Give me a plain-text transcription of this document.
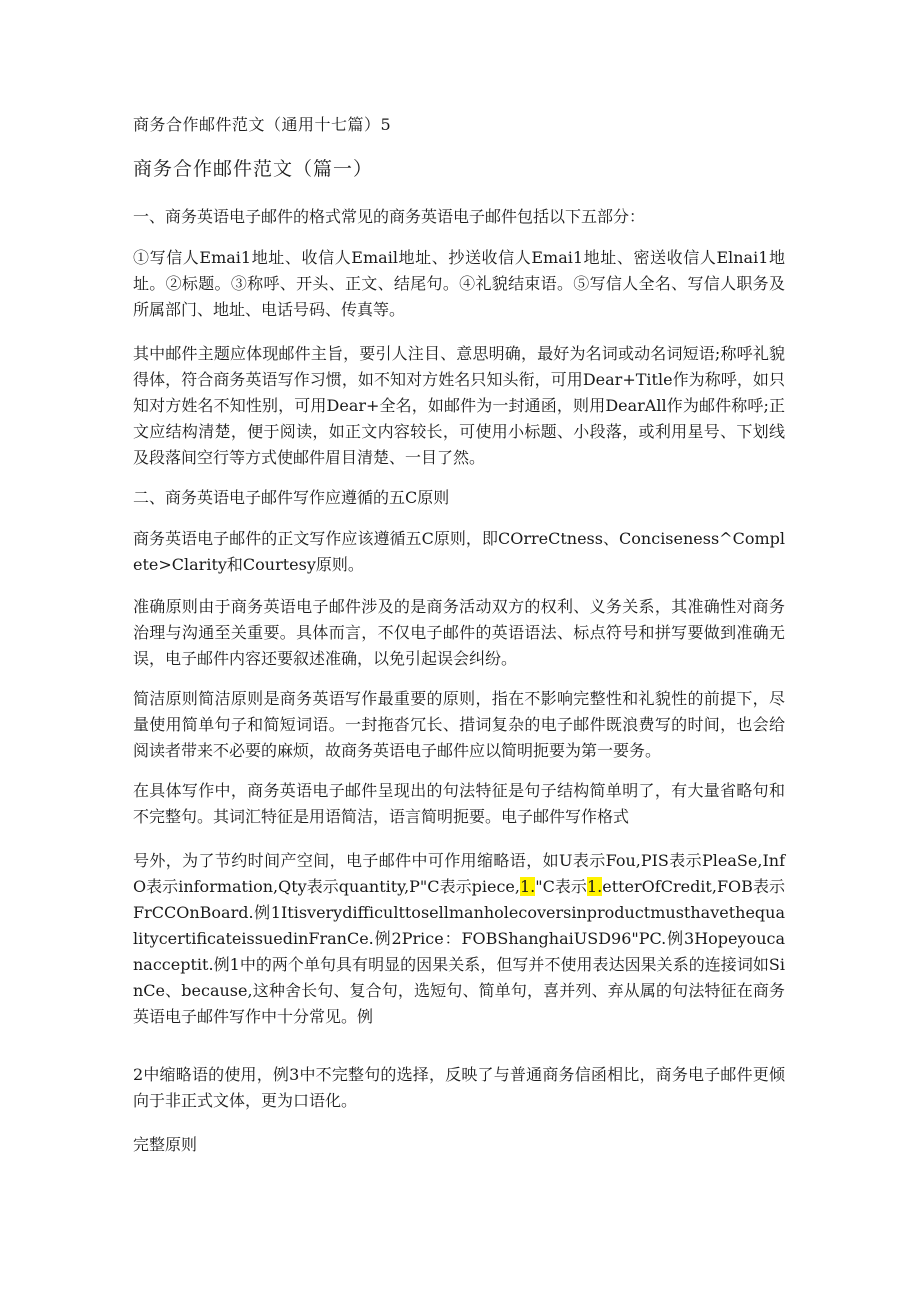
商务合作邮件范文（通用十七篇）5
商务合作邮件范文（篇一）

一、商务英语电子邮件的格式常见的商务英语电子邮件包括以下五部分：

①写信人Emai1地址、收信人Email地址、抄送收信人Emai1地址、密送收信人Elnai1地址。②标题。③称呼、开头、正文、结尾句。④礼貌结束语。⑤写信人全名、写信人职务及所属部门、地址、电话号码、传真等。

其中邮件主题应体现邮件主旨，要引人注目、意思明确，最好为名词或动名词短语;称呼礼貌得体，符合商务英语写作习惯，如不知对方姓名只知头衔，可用Dear+Title作为称呼，如只知对方姓名不知性别，可用Dear+全名，如邮件为一封通函，则用DearAll作为邮件称呼;正文应结构清楚，便于阅读，如正文内容较长，可使用小标题、小段落，或利用星号、下划线及段落间空行等方式使邮件眉目清楚、一目了然。

二、商务英语电子邮件写作应遵循的五C原则

商务英语电子邮件的正文写作应该遵循五C原则，即COrreCtness、Conciseness^Complete>Clarity和Courtesy原则。

准确原则由于商务英语电子邮件涉及的是商务活动双方的权利、义务关系，其准确性对商务治理与沟通至关重要。具体而言，不仅电子邮件的英语语法、标点符号和拼写要做到准确无误，电子邮件内容还要叙述准确，以免引起误会纠纷。

简洁原则简洁原则是商务英语写作最重要的原则，指在不影响完整性和礼貌性的前提下，尽量使用简单句子和简短词语。一封拖沓冗长、措词复杂的电子邮件既浪费写的时间，也会给阅读者带来不必要的麻烦，故商务英语电子邮件应以简明扼要为第一要务。

在具体写作中，商务英语电子邮件呈现出的句法特征是句子结构简单明了，有大量省略句和不完整句。其词汇特征是用语简洁，语言简明扼要。电子邮件写作格式

号外，为了节约时间产空间，电子邮件中可作用缩略语，如U表示Fou,PIS表示PleaSe,InfO表示information,Qty表示quantity,P"C表示piece,1."C表示1.etterOfCredit,FOB表示FrCCOnBoard.例1ItisverydifficulttosellmanholecoversinproductmusthavethequalitycertificateissuedinFranCe.例2Price：FOBShanghaiUSD96"PC.例3Hopeyoucanacceptit.例1中的两个单句具有明显的因果关系，但写并不使用表达因果关系的连接词如SinCe、because,这种舍长句、复合句，选短句、简单句，喜并列、弃从属的句法特征在商务英语电子邮件写作中十分常见。例

2中缩略语的使用，例3中不完整句的选择，反映了与普通商务信函相比，商务电子邮件更倾向于非正式文体，更为口语化。

完整原则
